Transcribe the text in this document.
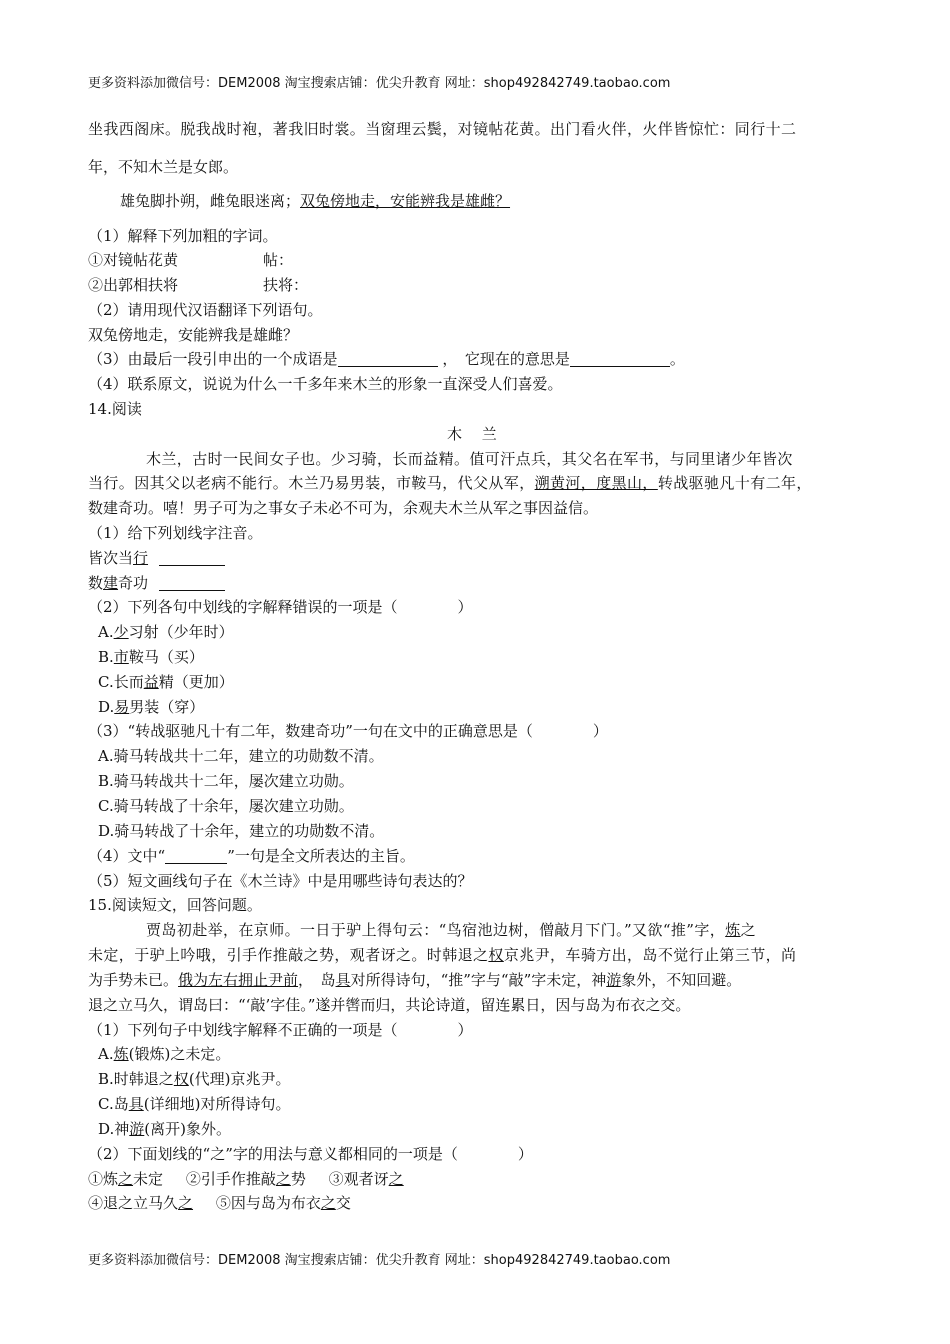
更多资料添加微信号：DEM2008 淘宝搜索店铺：优尖升教育 网址：shop492842749.taobao.com
坐我西阁床。脱我战时袍，著我旧时裳。当窗理云鬓，对镜帖花黄。出门看火伴，火伴皆惊忙：同行十二
年，不知木兰是女郎。
雄兔脚扑朔，雌兔眼迷离；双兔傍地走，安能辨我是雄雌？
（1）解释下列加粗的字词。
①对镜帖花黄	帖：
②出郭相扶将	扶将：
（2）请用现代汉语翻译下列语句。
双兔傍地走，安能辨我是雄雌？
（3）由最后一段引申出的一个成语是	，　它现在的意思是	。
（4）联系原文，说说为什么一千多年来木兰的形象一直深受人们喜爱。
14.阅读
木　 兰
木兰，古时一民间女子也。少习骑，长而益精。值可汗点兵，其父名在军书，与同里诸少年皆次
当行。因其父以老病不能行。木兰乃易男装，市鞍马，代父从军，溯黄河，度黑山，转战驱驰凡十有二年，
数建奇功。嘻！男子可为之事女子未必不可为，余观夫木兰从军之事因益信。
（1）给下列划线字注音。
皆次当行
数建奇功
（2）下列各句中划线的字解释错误的一项是（　　　　）
A.少习射（少年时）
B.市鞍马（买）
C.长而益精（更加）
D.易男装（穿）
（3）“转战驱驰凡十有二年，数建奇功”一句在文中的正确意思是（　　　　）
A.骑马转战共十二年，建立的功勋数不清。
B.骑马转战共十二年，屡次建立功勋。
C.骑马转战了十余年，屡次建立功勋。
D.骑马转战了十余年，建立的功勋数不清。
（4）文中“	”一句是全文所表达的主旨。
（5）短文画线句子在《木兰诗》中是用哪些诗句表达的？
15.阅读短文，回答问题。
贾岛初赴举，在京师。一日于驴上得句云：“鸟宿池边树，僧敲月下门。”又欲“推”字，炼之
未定，于驴上吟哦，引手作推敲之势，观者讶之。时韩退之权京兆尹，车骑方出，岛不觉行止第三节，尚
为手势未已。俄为左右拥止尹前，　岛具对所得诗句，“推”字与“敲”字未定，神游象外，不知回避。
退之立马久，谓岛曰：“‘敲’字佳。”遂并辔而归，共论诗道，留连累日，因与岛为布衣之交。
（1）下列句子中划线字解释不正确的一项是（　　　　）
A.炼(锻炼)之未定。
B.时韩退之权(代理)京兆尹。
C.岛具(详细地)对所得诗句。
D.神游(离开)象外。
（2）下面划线的“之”字的用法与意义都相同的一项是（　　　　）
①炼之未定 ②引手作推敲之势 ③观者讶之
④退之立马久之 ⑤因与岛为布衣之交
更多资料添加微信号：DEM2008 淘宝搜索店铺：优尖升教育 网址：shop492842749.taobao.com
